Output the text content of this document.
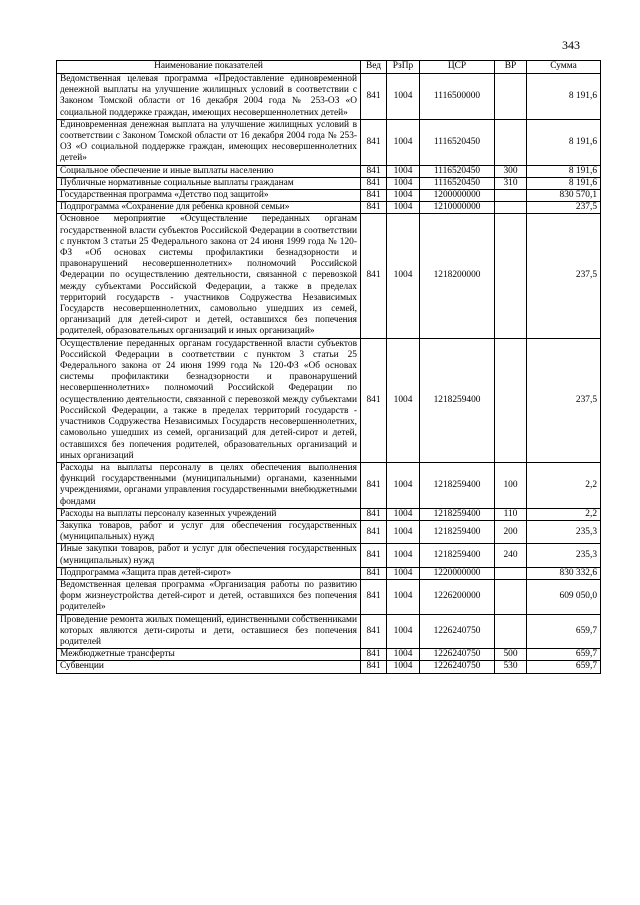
343
Наименование показателей	Вед	РзПр	ЦСР	ВР	Сумма
Ведомственная целевая программа «Предоставление единовременной денежной выплаты на улучшение жилищных условий в соответствии с Законом Томской области от 16 декабря 2004 года № 253-ОЗ «О социальной поддержке граждан, имеющих несовершеннолетних детей»	841	1004	1116500000		8 191,6
Единовременная денежная выплата на улучшение жилищных условий в соответствии с Законом Томской области от 16 декабря 2004 года № 253-ОЗ «О социальной поддержке граждан, имеющих несовершеннолетних детей»	841	1004	1116520450		8 191,6
Социальное обеспечение и иные выплаты населению	841	1004	1116520450	300	8 191,6
Публичные нормативные социальные выплаты гражданам	841	1004	1116520450	310	8 191,6
Государственная программа «Детство под защитой»	841	1004	1200000000		830 570,1
Подпрограмма «Сохранение для ребенка кровной семьи»	841	1004	1210000000		237,5
Основное мероприятие «Осуществление переданных органам государственной власти субъектов Российской Федерации в соответствии с пунктом 3 статьи 25 Федерального закона от 24 июня 1999 года № 120-ФЗ «Об основах системы профилактики безнадзорности и правонарушений несовершеннолетних» полномочий Российской Федерации по осуществлению деятельности, связанной с перевозкой между субъектами Российской Федерации, а также в пределах территорий государств - участников Содружества Независимых Государств несовершеннолетних, самовольно ушедших из семей, организаций для детей-сирот и детей, оставшихся без попечения родителей, образовательных организаций и иных организаций»	841	1004	1218200000		237,5
Осуществление переданных органам государственной власти субъектов Российской Федерации в соответствии с пунктом 3 статьи 25 Федерального закона от 24 июня 1999 года № 120-ФЗ «Об основах системы профилактики безнадзорности и правонарушений несовершеннолетних» полномочий Российской Федерации по осуществлению деятельности, связанной с перевозкой между субъектами Российской Федерации, а также в пределах территорий государств - участников Содружества Независимых Государств несовершеннолетних, самовольно ушедших из семей, организаций для детей-сирот и детей, оставшихся без попечения родителей, образовательных организаций и иных организаций	841	1004	1218259400		237,5
Расходы на выплаты персоналу в целях обеспечения выполнения функций государственными (муниципальными) органами, казенными учреждениями, органами управления государственными внебюджетными фондами	841	1004	1218259400	100	2,2
Расходы на выплаты персоналу казенных учреждений	841	1004	1218259400	110	2,2
Закупка товаров, работ и услуг для обеспечения государственных (муниципальных) нужд	841	1004	1218259400	200	235,3
Иные закупки товаров, работ и услуг для обеспечения государственных (муниципальных) нужд	841	1004	1218259400	240	235,3
Подпрограмма «Защита прав детей-сирот»	841	1004	1220000000		830 332,6
Ведомственная целевая программа «Организация работы по развитию форм жизнеустройства детей-сирот и детей, оставшихся без попечения родителей»	841	1004	1226200000		609 050,0
Проведение ремонта жилых помещений, единственными собственниками которых являются дети-сироты и дети, оставшиеся без попечения родителей	841	1004	1226240750		659,7
Межбюджетные трансферты	841	1004	1226240750	500	659,7
Субвенции	841	1004	1226240750	530	659,7
